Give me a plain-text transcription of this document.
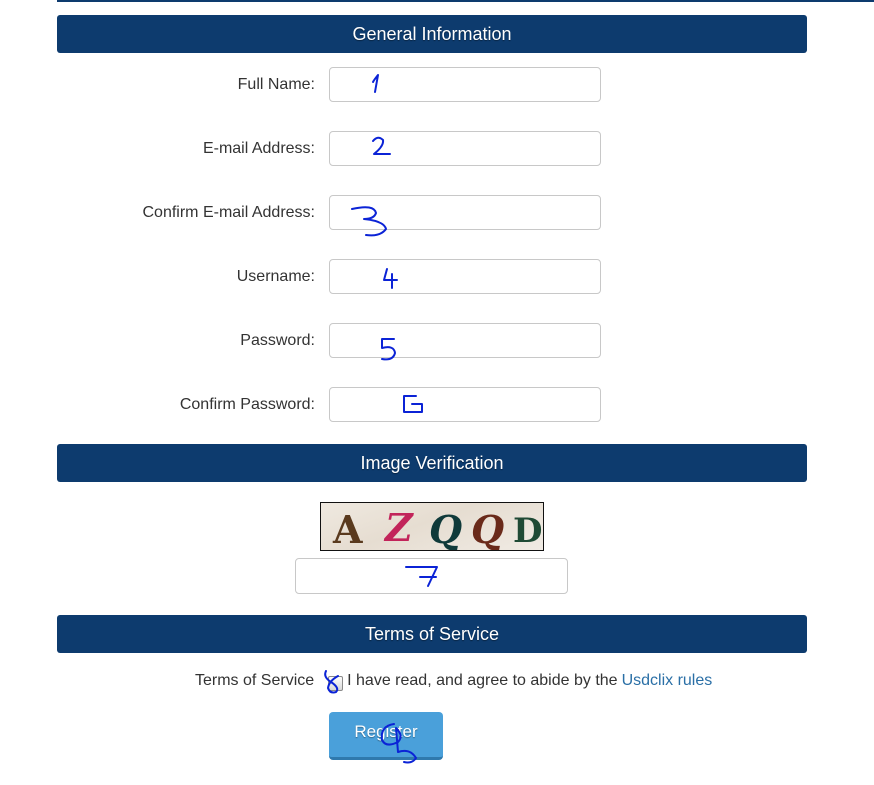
General Information
Full Name:
E-mail Address:
Confirm E-mail Address:
Username:
Password:
Confirm Password:
Image Verification
A Z Q Q D
Terms of Service
Terms of Service I have read, and agree to abide by the Usdclix rules
Register
